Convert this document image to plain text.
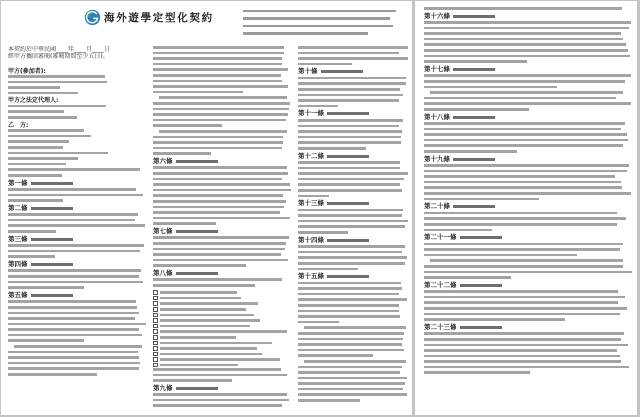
海外遊學定型化契約
本契約於中華民國____年____月____日
經甲方攜回審閱(審閱期間至少五日)。
甲方(參加者):
甲方之法定代理人:
乙　方:
第一條
第二條
第三條
第四條
第五條
第六條
第七條
第八條
第九條
第十條
第十一條
第十二條
第十三條
第十四條
第十五條
第十六條
第十七條
第十八條
第十九條
第二十條
第二十一條
第二十二條
第二十三條
